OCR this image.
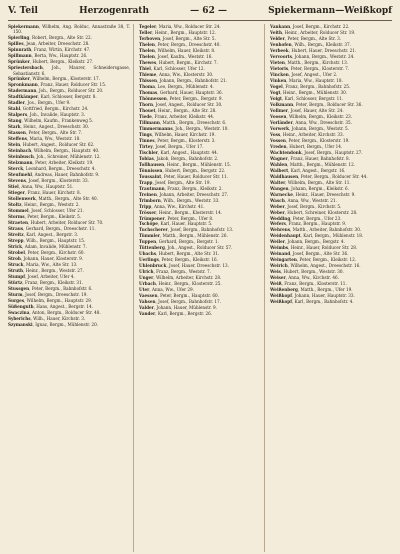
V. Teil	Herzogenrath	— 62 —	Spiekermann—Weißkopf
Spiekermann, Wilhelm, Ang. Rolduc, Annastraße 38, T. 150.
Spierling, Robert, Bergm., Alte Str. 22.
Spilles, Jean, Arbeiter, Dreeschstr. 28.
Spinnrath, Franz, Wirtin, Kirchstr. 47.
Spillmann, Berta, Ww., Hauptstr. 26.
Sprünker, Hubert, Bergm., Kleikstr. 27.
Spriestersbach, Joh., Maurer, Schneidersgasse, Sebastianstr. 6.
Sprünker, Wilhelm, Bergm., Klosterstr. 17.
Spronkmann, Franz, Hauer, Rolducer Str. 15.
Stadermann, Joh., Bergm., Rolducer Str. 20.
Stadtkämper, Karl, Schlosser, Bergstr. 8.
Stadler, Jos., Bergm., Ufer 9.
Stahl, Gottfried, Bergm., Kirchstr. 24.
Stalpers, Joh., Invalide, Hauptstr. 3.
Stang, Wilhelm, Kaufm., Frankenweg 5.
Stark, Heinr., Angest., Dreeschstr. 30.
Stassen, Peter, Bergm., Alte Str. 7.
Steffens, Maria, Ww., Weststr. 18.
Stein, Hubert, Angest., Rolducer Str. 62.
Steinbach, Wilhelm, Bergm., Hauptstr. 40.
Steinbusch, Joh., Schreiner, Mühlenstr. 12.
Stelzmann, Peter, Arbeiter, Kleikstr. 19.
Sterck, Leonhard, Bergm., Dreeschstr. 4.
Steufmehl, Andreas, Hauer, Bahnhofstr. 9.
Stevens, Josef, Bergm., Klosterstr. 33.
Stiel, Anna, Ww., Hauptstr. 51.
Stieger, Franz, Hauer, Kirchstr. 8.
Stollenwerk, Matth., Bergm., Alte Str. 40.
Stoltz, Heinr., Bergm., Weststr. 2.
Stommel, Josef, Schlosser, Ufer 21.
Storms, Peter, Bergm., Kleikstr. 5.
Straeten, Hubert, Arbeiter, Rolducer Str. 70.
Straus, Gerhard, Bergm., Dreeschstr. 11.
Streitz, Karl, Angest., Bergstr. 3.
Strepp, Wilh., Bergm., Hauptstr. 15.
Strick, Adam, Invalide, Mühlenstr. 7.
Strobel, Peter, Bergm., Kirchstr. 60.
Stroh, Johann, Hauer, Klosterstr. 9.
Struck, Maria, Ww., Alte Str. 13.
Struth, Heinr., Bergm., Weststr. 27.
Stumpf, Josef, Arbeiter, Ufer 4.
Stürtz, Franz, Bergm., Kleikstr. 31.
Stussgen, Peter, Bergm., Bahnhofstr. 6.
Sturm, Josef, Bergm., Dreeschstr. 19.
Surges, Wilhelm, Bergm., Hauptstr. 29.
Süßenguth, Hans, Angest., Bergstr. 14.
Swaczina, Anton, Bergm., Rolducer Str. 48.
Syberichs, Wilh., Hauer, Kirchstr. 3.
Szymanski, Ignaz, Bergm., Mühlenstr. 20.
Tegeler, Maria, Ww., Rolducer Str. 24.
Teller, Heinr., Bergm., Hauptstr. 12.
Terboven, Josef, Bergm., Alte Str. 5.
Thelen, Peter, Bergm., Dreeschstr. 40.
Thelen, Wilhelm, Hauer, Kleikstr. 8.
Thelen, Josef, Kaufm., Weststr. 16.
Thewes, Hubert, Bergm., Kirchstr. 7.
Thiel, Karl, Schlosser, Ufer 12.
Thieme, Anna, Ww., Klosterstr. 30.
Thissen, Johann, Bergm., Bahnhofstr. 21.
Thoma, Leo, Bergm., Mühlenstr. 4.
Thomas, Gerhard, Hauer, Hauptstr. 36.
Thönnessen, Peter, Bergm., Bergstr. 9.
Thorn, Josef, Angest., Rolducer Str. 30.
Thouet, Heinr., Bergm., Alte Str. 28.
Tiede, Franz, Arbeiter, Kleikstr. 44.
Tillmann, Matth., Bergm., Dreeschstr. 6.
Timmermanns, Joh., Bergm., Weststr. 10.
Tings, Wilhelm, Hauer, Kirchstr. 19.
Tinnes, Peter, Bergm., Klosterstr. 3.
Tirtey, Josef, Bergm., Ufer 17.
Tischler, Karl, Angest., Hauptstr. 44.
Tobias, Jakob, Bergm., Bahnhofstr. 2.
Tollhausen, Heinr., Bergm., Mühlenstr. 15.
Tönnissen, Hubert, Bergm., Bergstr. 22.
Toussaint, Peter, Hauer, Rolducer Str. 11.
Trapp, Josef, Bergm., Alte Str. 19.
Trautmann, Franz, Bergm., Kleikstr. 2.
Treinen, Johann, Arbeiter, Dreeschstr. 27.
Trimborn, Wilh., Bergm., Weststr. 33.
Tripp, Anna, Ww., Kirchstr. 41.
Trösser, Heinr., Bergm., Klosterstr. 14.
Trümpener, Peter, Bergm., Ufer 8.
Tschöpe, Karl, Hauer, Hauptstr. 5.
Tuchscherer, Josef, Bergm., Bahnhofstr. 13.
Tümmler, Matth., Bergm., Mühlenstr. 26.
Tuppen, Gerhard, Bergm., Bergstr. 1.
Tüttenberg, Joh., Angest., Rolducer Str. 57.
Ubachs, Hubert, Bergm., Alte Str. 31.
Uerlings, Peter, Bergm., Kleikstr. 16.
Uhlenbruck, Josef, Hauer, Dreeschstr. 13.
Ulrich, Franz, Bergm., Weststr. 7.
Unger, Wilhelm, Arbeiter, Kirchstr. 28.
Urbach, Heinr., Bergm., Klosterstr. 25.
Uter, Anna, Ww., Ufer 29.
Vaessen, Peter, Bergm., Hauptstr. 60.
Vahsen, Josef, Bergm., Bahnhofstr. 17.
Valder, Johann, Hauer, Mühlenstr. 9.
Vander, Karl, Bergm., Bergstr. 26.
Vankann, Josef, Bergm., Kirchstr. 22.
Veith, Heinr., Arbeiter, Rolducer Str. 19.
Velder, Peter, Bergm., Alte Str. 3.
Venhofen, Wilh., Bergm., Kleikstr. 37.
Verbeek, Hubert, Hauer, Dreeschstr. 21.
Vervoorts, Johann, Bergm., Weststr. 24.
Vieten, Matth., Bergm., Kirchstr. 13.
Vietoris, Peter, Bergm., Klosterstr. 7.
Vincken, Josef, Angest., Ufer 2.
Vinken, Maria, Ww., Hauptstr. 18.
Vogel, Franz, Bergm., Bahnhofstr. 25.
Vogt, Heinr., Bergm., Mühlenstr. 30.
Voigt, Karl, Schlosser, Bergstr. 11.
Volkmann, Peter, Bergm., Rolducer Str. 36.
Vollmer, Josef, Hauer, Alte Str. 24.
Voosen, Wilhelm, Bergm., Kleikstr. 23.
Vorländer, Anna, Ww., Dreeschstr. 35.
Vorwerk, Johann, Bergm., Weststr. 5.
Voss, Heinr., Arbeiter, Kirchstr. 33.
Vossen, Peter, Bergm., Klosterstr. 19.
Vreden, Hubert, Bergm., Ufer 14.
Wachtendonk, Josef, Bergm., Hauptstr. 27.
Wagner, Franz, Hauer, Bahnhofstr. 8.
Wahlen, Matth., Bergm., Mühlenstr. 12.
Walbert, Karl, Angest., Bergstr. 16.
Waldhausen, Peter, Bergm., Rolducer Str. 44.
Walter, Wilhelm, Bergm., Alte Str. 11.
Wangen, Johann, Bergm., Kleikstr. 6.
Warnecke, Heinr., Hauer, Dreeschstr. 9.
Wasch, Anna, Ww., Weststr. 21.
Weber, Josef, Bergm., Kirchstr. 5.
Weber, Hubert, Schreiner, Klosterstr. 28.
Wedding, Peter, Bergm., Ufer 23.
Wefers, Franz, Bergm., Hauptstr. 9.
Wehrens, Matth., Arbeiter, Bahnhofstr. 30.
Weidenhaupt, Karl, Bergm., Mühlenstr. 18.
Weiler, Johann, Bergm., Bergstr. 4.
Weimbs, Heinr., Hauer, Rolducer Str. 28.
Weinand, Josef, Bergm., Alte Str. 36.
Weingarten, Peter, Bergm., Kleikstr. 12.
Weirich, Wilhelm, Angest., Dreeschstr. 16.
Weis, Hubert, Bergm., Weststr. 30.
Weiser, Anna, Ww., Kirchstr. 46.
Weiß, Franz, Bergm., Klosterstr. 11.
Weißenberg, Matth., Bergm., Ufer 19.
Weißkopf, Johann, Hauer, Hauptstr. 33.
Weißkopf, Karl, Bergm., Bahnhofstr. 4.
